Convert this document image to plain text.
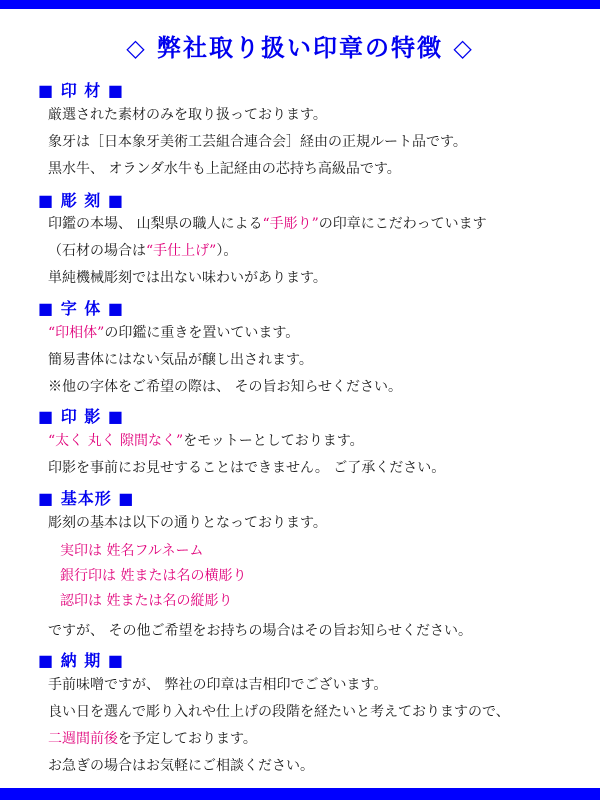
◇ 弊社取り扱い印章の特徴 ◇
■ 印 材 ■
厳選された素材のみを取り扱っております。
象牙は［日本象牙美術工芸組合連合会］経由の正規ルート品です。
黒水牛、 オランダ水牛も上記経由の芯持ち高級品です。
■ 彫 刻 ■
印鑑の本場、 山梨県の職人による“手彫り”の印章にこだわっています
（石材の場合は“手仕上げ”）。
単純機械彫刻では出ない味わいがあります。
■ 字 体 ■
“印相体”の印鑑に重きを置いています。
簡易書体にはない気品が醸し出されます。
※他の字体をご希望の際は、 その旨お知らせください。
■ 印 影 ■
“太く 丸く 隙間なく”をモットーとしております。
印影を事前にお見せすることはできません。 ご了承ください。
■ 基本形 ■
彫刻の基本は以下の通りとなっております。
実印は 姓名フルネーム
銀行印は 姓または名の横彫り
認印は 姓または名の縦彫り
ですが、 その他ご希望をお持ちの場合はその旨お知らせください。
■ 納 期 ■
手前味噌ですが、 弊社の印章は吉相印でございます。
良い日を選んで彫り入れや仕上げの段階を経たいと考えておりますので、
二週間前後を予定しております。
お急ぎの場合はお気軽にご相談ください。
